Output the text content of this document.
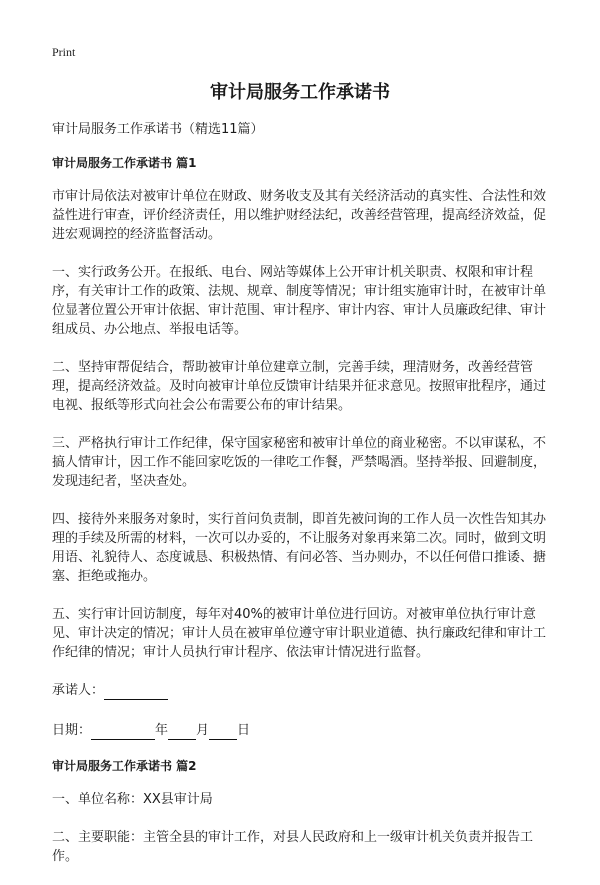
Print
审计局服务工作承诺书

审计局服务工作承诺书（精选11篇）

审计局服务工作承诺书 篇1

市审计局依法对被审计单位在财政、财务收支及其有关经济活动的真实性、合法性和效益性进行审查，评价经济责任，用以维护财经法纪，改善经营管理，提高经济效益，促进宏观调控的经济监督活动。

一、实行政务公开。在报纸、电台、网站等媒体上公开审计机关职责、权限和审计程序，有关审计工作的政策、法规、规章、制度等情况；审计组实施审计时，在被审计单位显著位置公开审计依据、审计范围、审计程序、审计内容、审计人员廉政纪律、审计组成员、办公地点、举报电话等。

二、坚持审帮促结合，帮助被审计单位建章立制，完善手续，理清财务，改善经营管理，提高经济效益。及时向被审计单位反馈审计结果并征求意见。按照审批程序，通过电视、报纸等形式向社会公布需要公布的审计结果。

三、严格执行审计工作纪律，保守国家秘密和被审计单位的商业秘密。不以审谋私，不搞人情审计，因工作不能回家吃饭的一律吃工作餐，严禁喝酒。坚持举报、回避制度，发现违纪者，坚决查处。

四、接待外来服务对象时，实行首问负责制，即首先被问询的工作人员一次性告知其办理的手续及所需的材料，一次可以办妥的，不让服务对象再来第二次。同时，做到文明用语、礼貌待人、态度诚恳、积极热情、有问必答、当办则办，不以任何借口推诿、搪塞、拒绝或拖办。

五、实行审计回访制度，每年对40%的被审计单位进行回访。对被审单位执行审计意见、审计决定的情况；审计人员在被审单位遵守审计职业道德、执行廉政纪律和审计工作纪律的情况；审计人员执行审计程序、依法审计情况进行监督。

承诺人：

日期：	年 月 日

审计局服务工作承诺书 篇2

一、单位名称：XX县审计局

二、主要职能：主管全县的审计工作，对县人民政府和上一级审计机关负责并报告工作。
